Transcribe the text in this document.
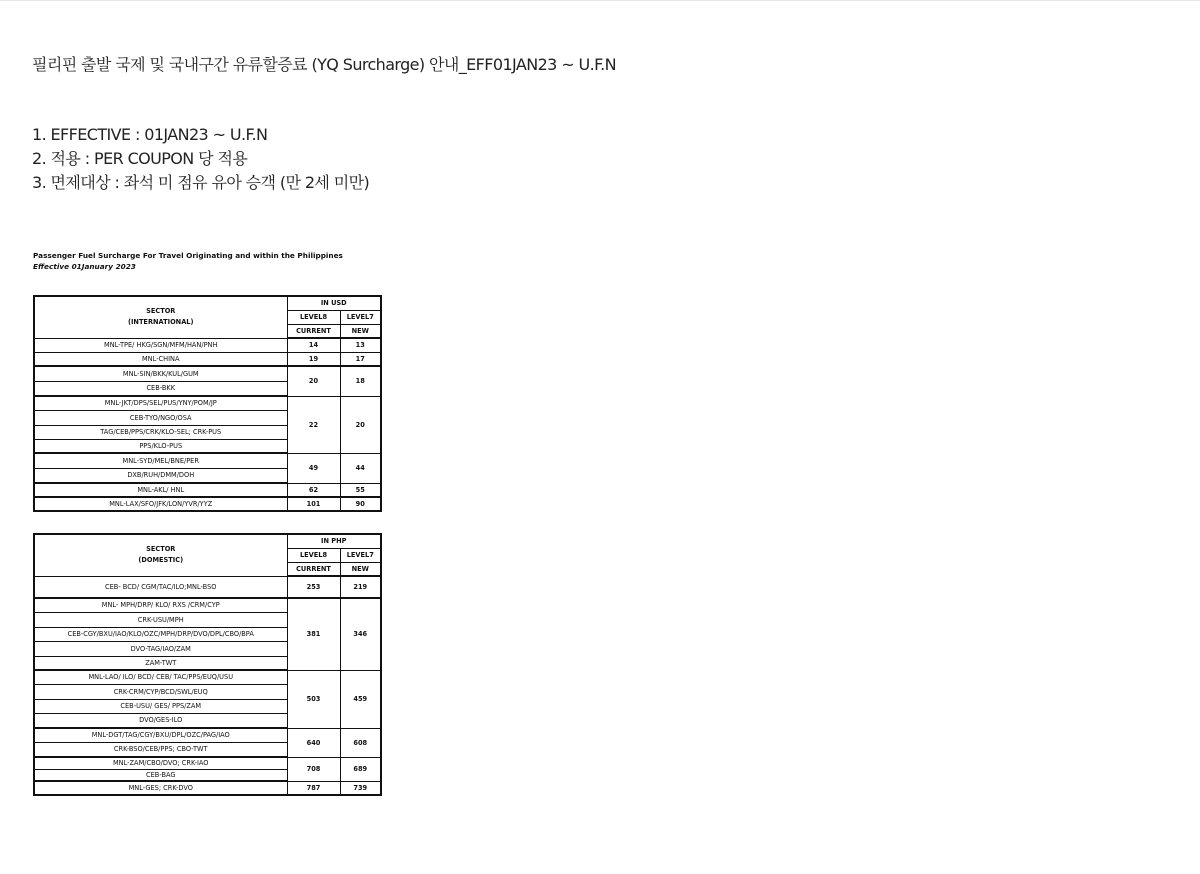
필리핀 출발 국제 및 국내구간 유류할증료 (YQ Surcharge) 안내_EFF01JAN23 ~ U.F.N
1. EFFECTIVE : 01JAN23 ~ U.F.N
2. 적용 : PER COUPON 당 적용
3. 면제대상 : 좌석 미 점유 유아 승객 (만 2세 미만)
Passenger Fuel Surcharge For Travel Originating and within the Philippines
Effective 01January 2023
SECTOR
(INTERNATIONAL)	IN USD	
	LEVEL8	LEVEL7
	CURRENT	NEW
MNL-TPE/ HKG/SGN/MFM/HAN/PNH	14	13
MNL-CHINA	19	17
MNL-SIN/BKK/KUL/GUM	20	18
CEB-BKK		
MNL-JKT/DPS/SEL/PUS/YNY/POM/JP	22	20
CEB-TYO/NGO/OSA		
TAG/CEB/PPS/CRK/KLO-SEL; CRK-PUS		
PPS/KLO-PUS		
MNL-SYD/MEL/BNE/PER	49	44
DXB/RUH/DMM/DOH		
MNL-AKL/ HNL	62	55
MNL-LAX/SFO/JFK/LON/YVR/YYZ	101	90
SECTOR
(DOMESTIC)	IN PHP	
	LEVEL8	LEVEL7
	CURRENT	NEW
CEB- BCD/ CGM/TAC/ILO;MNL-BSO	253	219
MNL- MPH/DRP/ KLO/ RXS /CRM/CYP	381	346
CRK-USU/MPH		
CEB-CGY/BXU/IAO/KLO/OZC/MPH/DRP/DVO/DPL/CBO/BPA		
DVO-TAG/IAO/ZAM		
ZAM-TWT		
MNL-LAO/ ILO/ BCD/ CEB/ TAC/PPS/EUQ/USU	503	459
CRK-CRM/CYP/BCD/SWL/EUQ		
CEB-USU/ GES/ PPS/ZAM		
DVO/GES-ILO		
MNL-DGT/TAG/CGY/BXU/DPL/OZC/PAG/IAO	640	608
CRK-BSO/CEB/PPS; CBO-TWT		
MNL-ZAM/CBO/DVO; CRK-IAO	708	689
CEB-BAG		
MNL-GES; CRK-DVO	787	739
